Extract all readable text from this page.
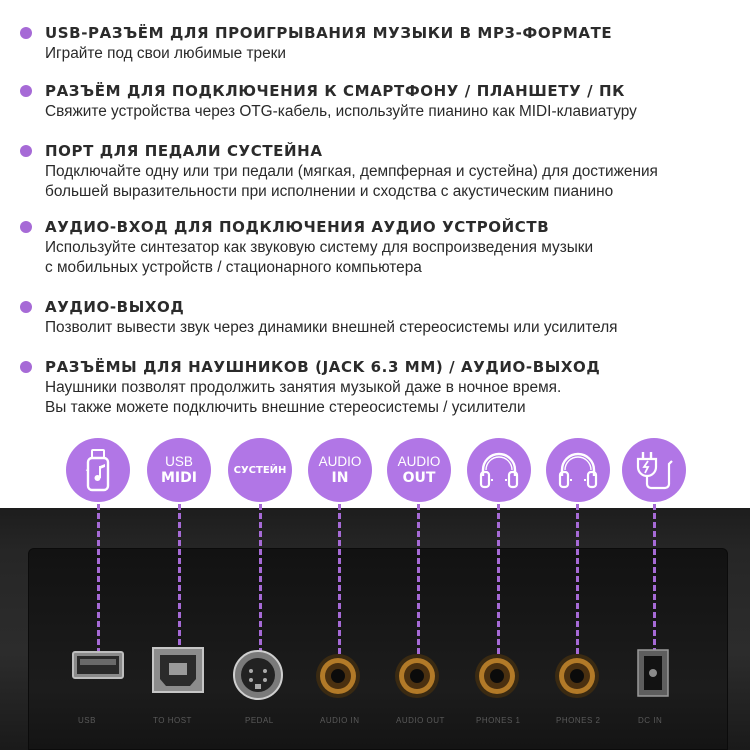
USB-РАЗЪЁМ ДЛЯ ПРОИГРЫВАНИЯ МУЗЫКИ В MP3-ФОРМАТЕ
Играйте под свои любимые треки
РАЗЪЁМ ДЛЯ ПОДКЛЮЧЕНИЯ К СМАРТФОНУ / ПЛАНШЕТУ / ПК
Свяжите устройства через OTG-кабель, используйте пианино как MIDI-клавиатуру
ПОРТ ДЛЯ ПЕДАЛИ СУСТЕЙНА
Подключайте одну или три педали (мягкая, демпферная и сустейна) для достижения
большей выразительности при исполнении и сходства с акустическим пианино
АУДИО-ВХОД ДЛЯ ПОДКЛЮЧЕНИЯ АУДИО УСТРОЙСТВ
Используйте синтезатор как звуковую систему для воспроизведения музыки
с мобильных устройств / стационарного компьютера
АУДИО-ВЫХОД
Позволит вывести звук через динамики внешней стереосистемы или усилителя
РАЗЪЁМЫ ДЛЯ НАУШНИКОВ (JACK 6.3 MM) / АУДИО-ВЫХОД
Наушники позволят продолжить занятия музыкой даже в ночное время.
Вы также можете подключить внешние стереосистемы / усилители
USB	TO HOST	PEDAL	AUDIO IN	AUDIO OUT	PHONES 1	PHONES 2	DC IN
USB
MIDI	СУСТЕЙН
AUDIO
IN
AUDIO
OUT
